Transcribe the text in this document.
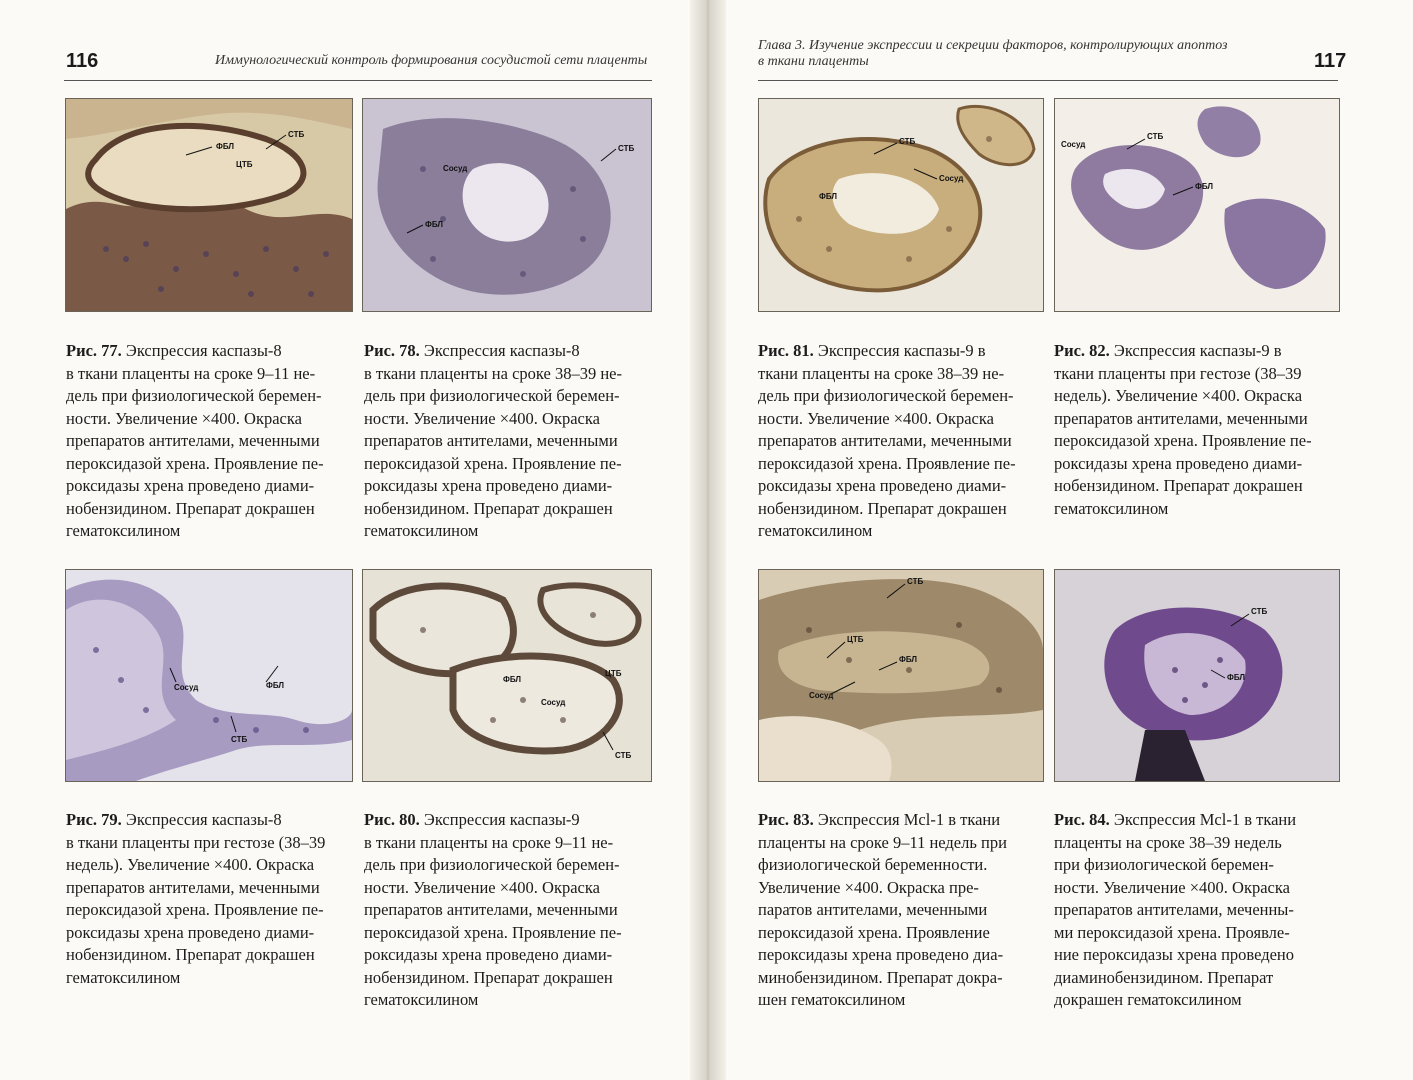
116	Иммунологический контроль формирования сосудистой сети плаценты
Глава 3. Изучение экспрессии и секреции факторов, контролирующих апоптоз
в ткани плаценты	117
ФБЛ
СТБ
ЦТБ
СТБ
Сосуд
ФБЛ
Рис. 77. Экспрессия каспазы-8
в ткани плаценты на сроке 9–11 не-
дель при физиологической беремен-
ности. Увеличение ×400. Окраска
препаратов антителами, меченными
пероксидазой хрена. Проявление пе-
роксидазы хрена проведено диами-
нобензидином. Препарат докрашен
гематоксилином
Рис. 78. Экспрессия каспазы-8
в ткани плаценты на сроке 38–39 не-
дель при физиологической беремен-
ности. Увеличение ×400. Окраска
препаратов антителами, меченными
пероксидазой хрена. Проявление пе-
роксидазы хрена проведено диами-
нобензидином. Препарат докрашен
гематоксилином
Сосуд	ФБЛ
СТБ
ФБЛ
Сосуд
ЦТБ
СТБ
Рис. 79. Экспрессия каспазы-8
в ткани плаценты при гестозе (38–39
недель). Увеличение ×400. Окраска
препаратов антителами, меченными
пероксидазой хрена. Проявление пе-
роксидазы хрена проведено диами-
нобензидином. Препарат докрашен
гематоксилином
Рис. 80. Экспрессия каспазы-9
в ткани плаценты на сроке 9–11 не-
дель при физиологической беремен-
ности. Увеличение ×400. Окраска
препаратов антителами, меченными
пероксидазой хрена. Проявление пе-
роксидазы хрена проведено диами-
нобензидином. Препарат докрашен
гематоксилином
СТБ
Сосуд
ФБЛ
Сосуд
СТБ
ФБЛ
Рис. 81. Экспрессия каспазы-9 в
ткани плаценты на сроке 38–39 не-
дель при физиологической беремен-
ности. Увеличение ×400. Окраска
препаратов антителами, меченными
пероксидазой хрена. Проявление пе-
роксидазы хрена проведено диами-
нобензидином. Препарат докрашен
гематоксилином
Рис. 82. Экспрессия каспазы-9 в
ткани плаценты при гестозе (38–39
недель). Увеличение ×400. Окраска
препаратов антителами, меченными
пероксидазой хрена. Проявление пе-
роксидазы хрена проведено диами-
нобензидином. Препарат докрашен
гематоксилином
СТБ
ЦТБ
ФБЛ
Сосуд
СТБ
ФБЛ
Рис. 83. Экспрессия Mcl-1 в ткани
плаценты на сроке 9–11 недель при
физиологической беременности.
Увеличение ×400. Окраска пре-
паратов антителами, меченными
пероксидазой хрена. Проявление
пероксидазы хрена проведено диа-
минобензидином. Препарат докра-
шен гематоксилином
Рис. 84. Экспрессия Mcl-1 в ткани
плаценты на сроке 38–39 недель
при физиологической беремен-
ности. Увеличение ×400. Окраска
препаратов антителами, меченны-
ми пероксидазой хрена. Проявле-
ние пероксидазы хрена проведено
диаминобензидином. Препарат
докрашен гематоксилином
